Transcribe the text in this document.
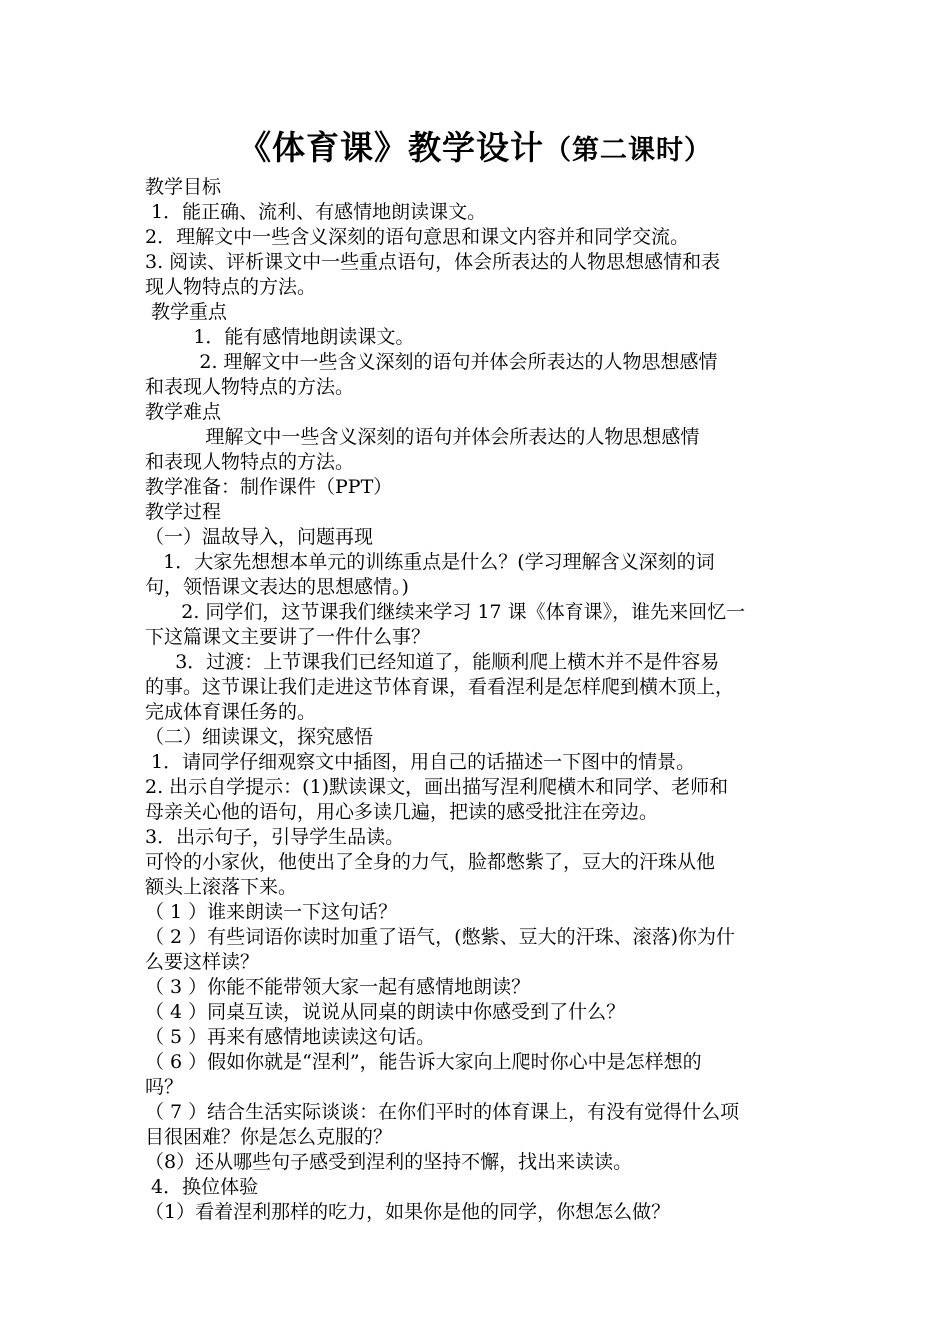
《体育课》教学设计（第二课时）
教学目标
1．能正确、流利、有感情地朗读课文。
2．理解文中一些含义深刻的语句意思和课文内容并和同学交流。
3. 阅读、评析课文中一些重点语句，体会所表达的人物思想感情和表
现人物特点的方法。
教学重点
1．能有感情地朗读课文。
2. 理解文中一些含义深刻的语句并体会所表达的人物思想感情
和表现人物特点的方法。
教学难点
理解文中一些含义深刻的语句并体会所表达的人物思想感情
和表现人物特点的方法。
教学准备：制作课件（PPT）
教学过程
（一）温故导入，问题再现
1．大家先想想本单元的训练重点是什么？(学习理解含义深刻的词
句，领悟课文表达的思想感情。)
2. 同学们，这节课我们继续来学习 17 课《体育课》，谁先来回忆一
下这篇课文主要讲了一件什么事？
3．过渡：上节课我们已经知道了，能顺利爬上横木并不是件容易
的事。这节课让我们走进这节体育课，看看涅利是怎样爬到横木顶上，
完成体育课任务的。
（二）细读课文，探究感悟
1．请同学仔细观察文中插图，用自己的话描述一下图中的情景。
2. 出示自学提示：(1)默读课文，画出描写涅利爬横木和同学、老师和
母亲关心他的语句，用心多读几遍，把读的感受批注在旁边。
3．出示句子，引导学生品读。
可怜的小家伙，他使出了全身的力气，脸都憋紫了，豆大的汗珠从他
额头上滚落下来。
（ 1 ）谁来朗读一下这句话？
（ 2 ）有些词语你读时加重了语气，(憋紫、豆大的汗珠、滚落)你为什
么要这样读？
（ 3 ）你能不能带领大家一起有感情地朗读？
（ 4 ）同桌互读，说说从同桌的朗读中你感受到了什么？
（ 5 ）再来有感情地读读这句话。
（ 6 ）假如你就是“涅利”，能告诉大家向上爬时你心中是怎样想的
吗？
（ 7 ）结合生活实际谈谈：在你们平时的体育课上，有没有觉得什么项
目很困难？你是怎么克服的？
（8）还从哪些句子感受到涅利的坚持不懈，找出来读读。
4．换位体验
（1）看着涅利那样的吃力，如果你是他的同学，你想怎么做？
